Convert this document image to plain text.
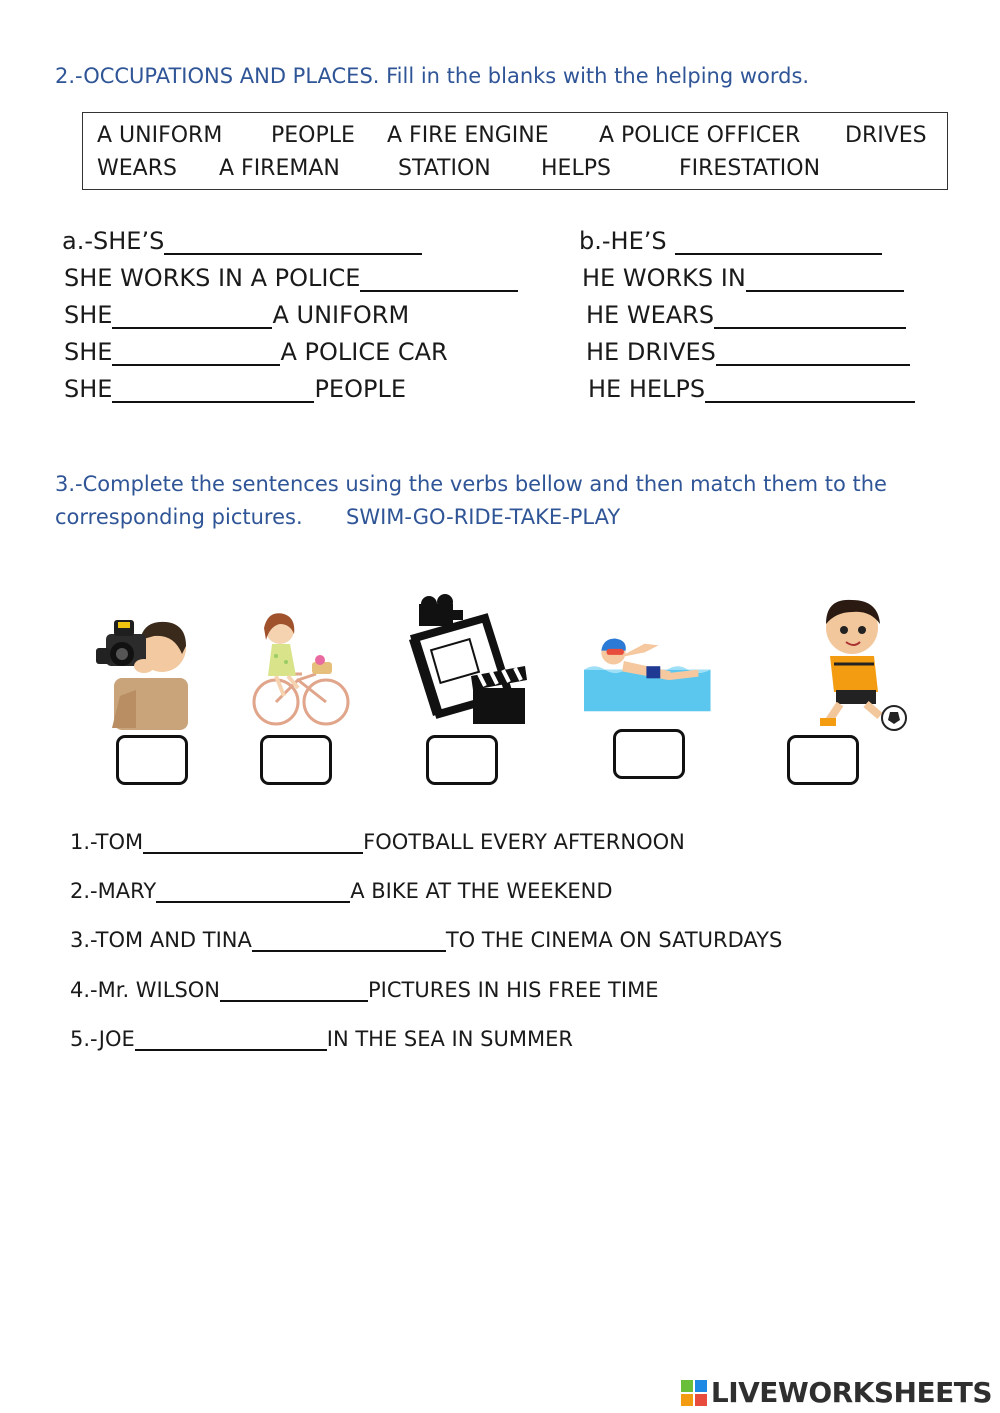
2.-OCCUPATIONS AND PLACES. Fill in the blanks with the helping words.
A UNIFORM PEOPLE A FIRE ENGINE A POLICE OFFICER DRIVES
WEARS A FIREMAN	STATION HELPS	FIRESTATION
a.-SHE’S
SHE WORKS IN A POLICE
SHE	A UNIFORM
SHE	A POLICE CAR
SHE	PEOPLE
b.-HE’S
HE WORKS IN
HE WEARS
HE DRIVES
HE HELPS
3.-Complete the sentences using the verbs bellow and then match them to the
corresponding pictures. SWIM-GO-RIDE-TAKE-PLAY
1.-TOM	FOOTBALL EVERY AFTERNOON
2.-MARY	A BIKE AT THE WEEKEND
3.-TOM AND TINA	TO THE CINEMA ON SATURDAYS
4.-Mr. WILSON	PICTURES IN HIS FREE TIME
5.-JOE	IN THE SEA IN SUMMER
LIVEWORKSHEETS
